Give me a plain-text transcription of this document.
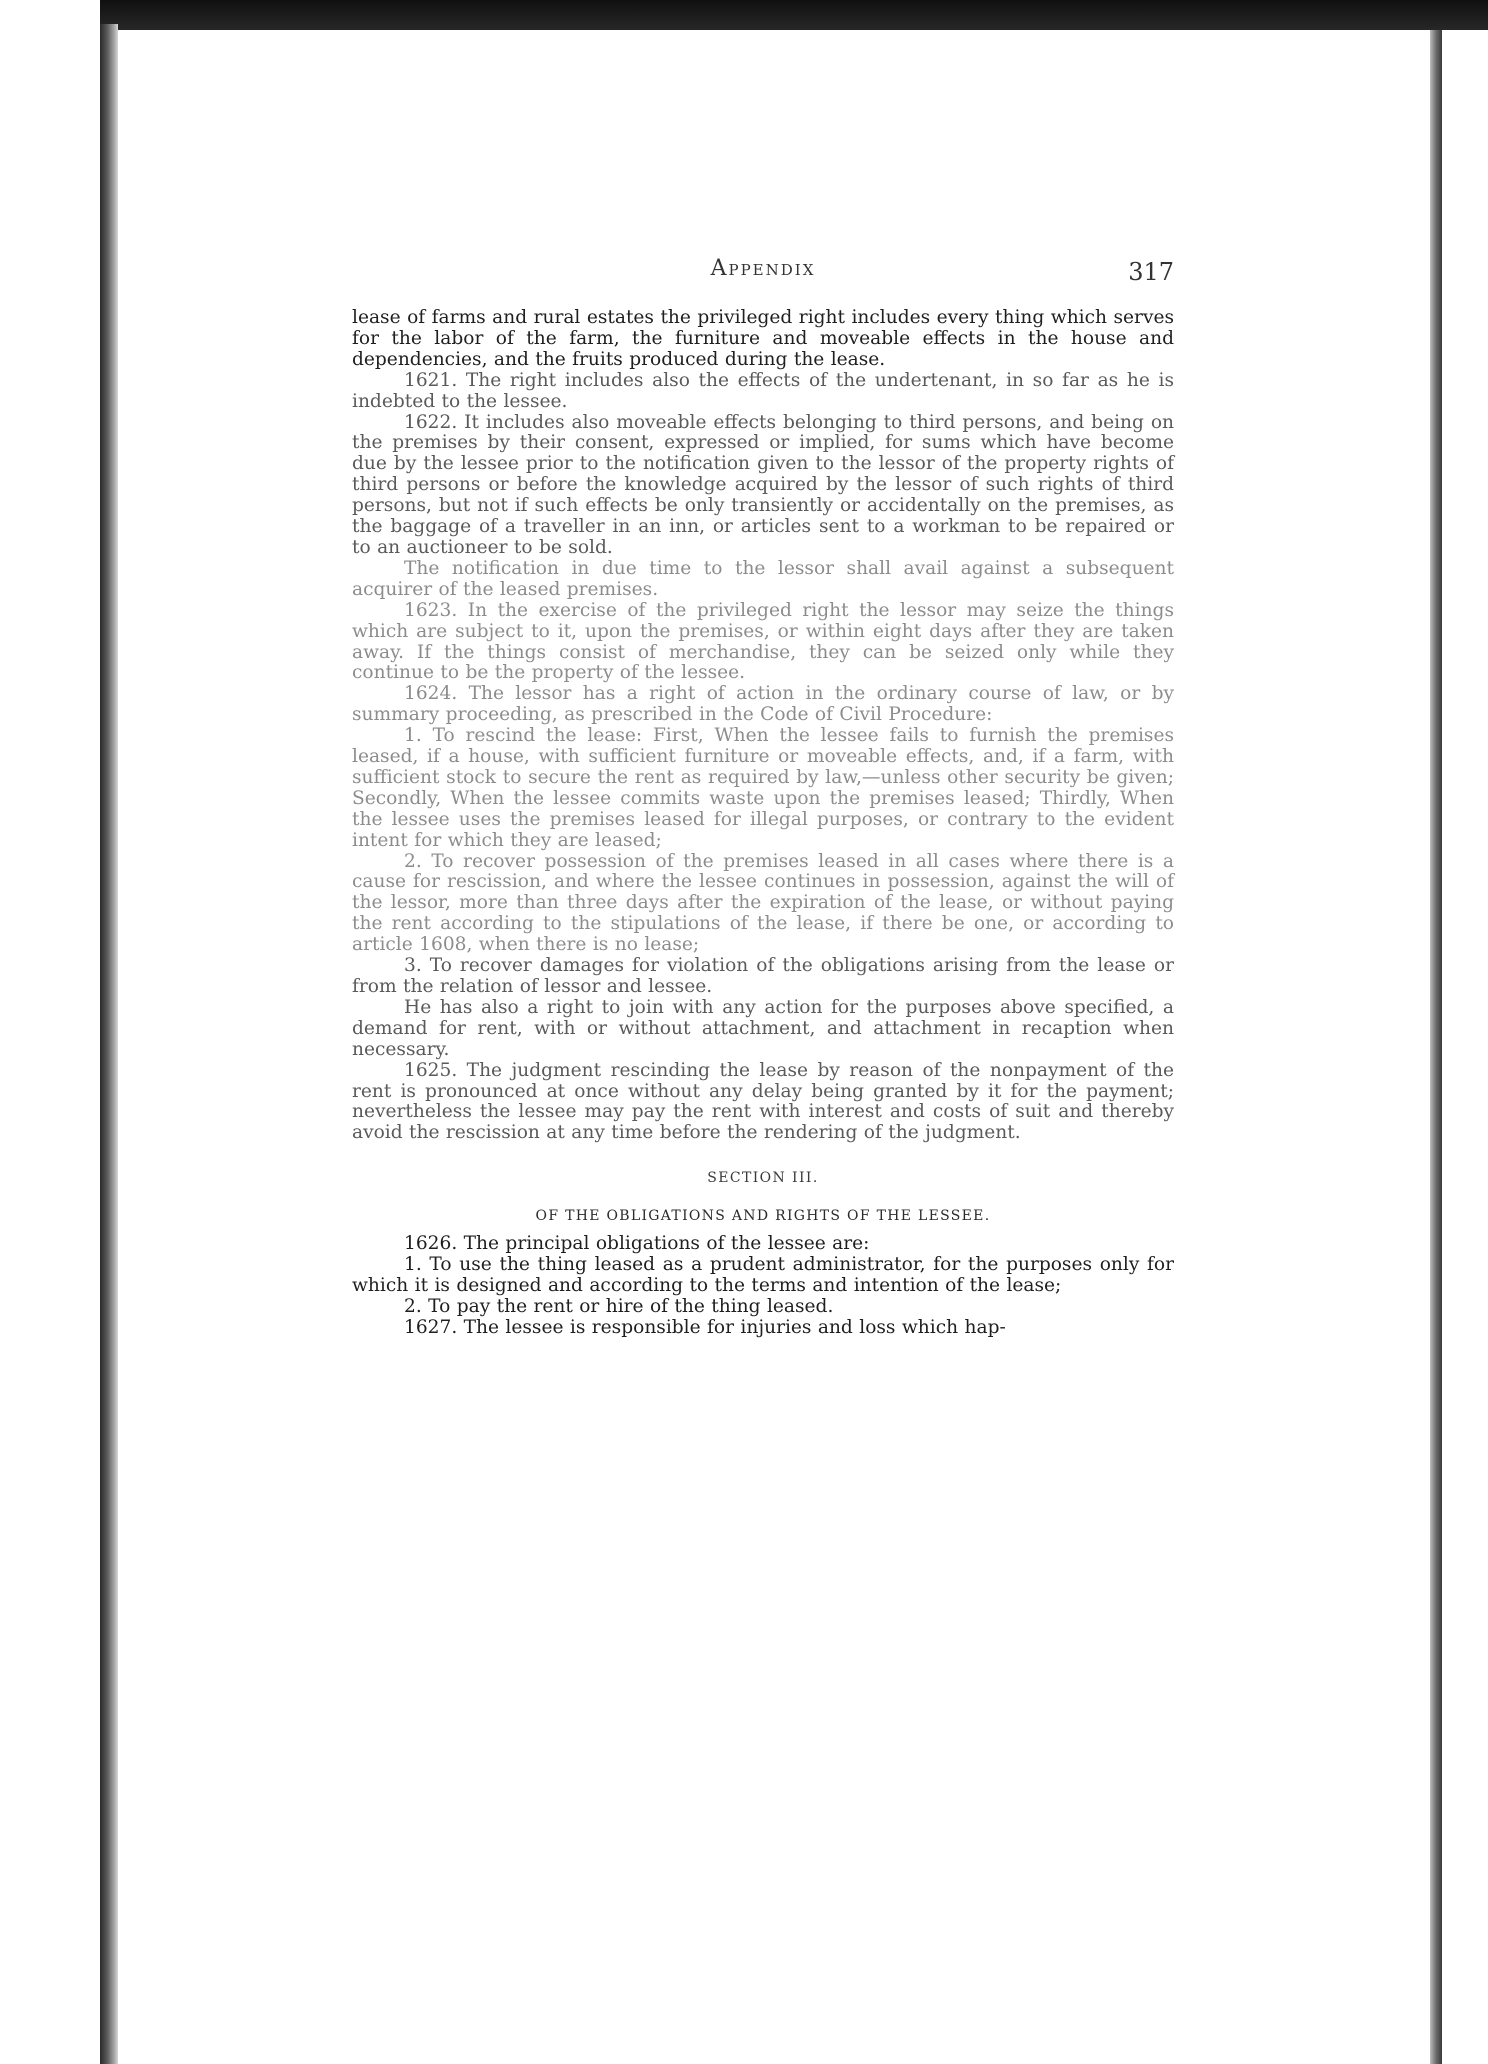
Appendix	317

lease of farms and rural estates the privileged right includes every thing which serves for the labor of the farm, the furniture and moveable effects in the house and dependencies, and the fruits produced during the lease.

1621. The right includes also the effects of the undertenant, in so far as he is indebted to the lessee.

1622. It includes also moveable effects belonging to third persons, and being on the premises by their consent, expressed or implied, for sums which have become due by the lessee prior to the notification given to the lessor of the property rights of third persons or before the knowledge acquired by the lessor of such rights of third persons, but not if such effects be only transiently or accidentally on the premises, as the baggage of a traveller in an inn, or articles sent to a workman to be repaired or to an auctioneer to be sold.

The notification in due time to the lessor shall avail against a subsequent acquirer of the leased premises.

1623. In the exercise of the privileged right the lessor may seize the things which are subject to it, upon the premises, or within eight days after they are taken away. If the things consist of merchandise, they can be seized only while they continue to be the property of the lessee.

1624. The lessor has a right of action in the ordinary course of law, or by summary proceeding, as prescribed in the Code of Civil Procedure:

1. To rescind the lease: First, When the lessee fails to furnish the premises leased, if a house, with sufficient furniture or moveable effects, and, if a farm, with sufficient stock to secure the rent as required by law,—unless other security be given; Secondly, When the lessee commits waste upon the premises leased; Thirdly, When the lessee uses the premises leased for illegal purposes, or contrary to the evident intent for which they are leased;

2. To recover possession of the premises leased in all cases where there is a cause for rescission, and where the lessee continues in possession, against the will of the lessor, more than three days after the expiration of the lease, or without paying the rent according to the stipulations of the lease, if there be one, or according to article 1608, when there is no lease;

3. To recover damages for violation of the obligations arising from the lease or from the relation of lessor and lessee.

He has also a right to join with any action for the purposes above specified, a demand for rent, with or without attachment, and attachment in recaption when necessary.

1625. The judgment rescinding the lease by reason of the nonpayment of the rent is pronounced at once without any delay being granted by it for the payment; nevertheless the lessee may pay the rent with interest and costs of suit and thereby avoid the rescission at any time before the rendering of the judgment.

SECTION III.
OF THE OBLIGATIONS AND RIGHTS OF THE LESSEE.

1626. The principal obligations of the lessee are:

1. To use the thing leased as a prudent administrator, for the purposes only for which it is designed and according to the terms and intention of the lease;

2. To pay the rent or hire of the thing leased.

1627. The lessee is responsible for injuries and loss which hap-
